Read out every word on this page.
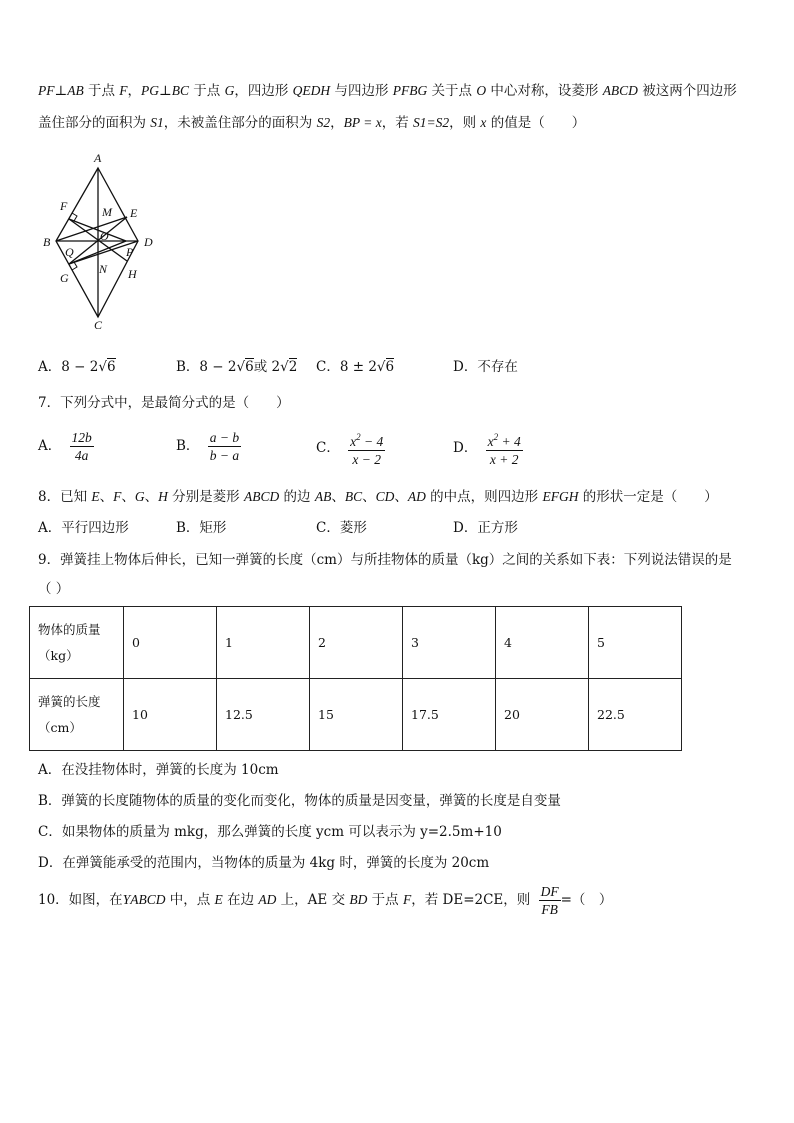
PF⊥AB 于点 F，PG⊥BC 于点 G，四边形 QEDH 与四边形 PFBG 关于点 O 中心对称，设菱形 ABCD 被这两个四边形
盖住部分的面积为 S1，未被盖住部分的面积为 S2，BP = x，若 S1=S2，则 x 的值是（　　）
A
B
C
D
E
F
G	H
M
N
O
P
Q
A．8 − 2√6	B．8 − 2√6或 2√2 C．8 ± 2√6	D．不存在
7．下列分式中，是最简分式的是（　　）
A． $\frac{12b}{4a}$	B． $\frac{a - b}{b - a}$	C． $\frac{x^2 - 4}{x - 2}$	D． $\frac{x^2 + 4}{x + 2}$
8．已知 E、F、G、H 分别是菱形 ABCD 的边 AB、BC、CD、AD 的中点，则四边形 EFGH 的形状一定是（　　）
A．平行四边形	B．矩形	C．菱形	D．正方形
9．弹簧挂上物体后伸长，已知一弹簧的长度（cm）与所挂物体的质量（kg）之间的关系如下表：下列说法错误的是
（ ）
物体的质量
（kg）	0	1	2	3	4	5

弹簧的长度
（cm）	10	12.5	15	17.5	20	22.5
A．在没挂物体时，弹簧的长度为 10cm
B．弹簧的长度随物体的质量的变化而变化，物体的质量是因变量，弹簧的长度是自变量
C．如果物体的质量为 mkg，那么弹簧的长度 ycm 可以表示为 y=2.5m+10
D．在弹簧能承受的范围内，当物体的质量为 4kg 时，弹簧的长度为 20cm
10．如图，在ΥABCD 中，点 E 在边 AD 上，AE 交 BD 于点 F，若 DE=2CE，则 $\frac{DF}{FB}$ =（　）
